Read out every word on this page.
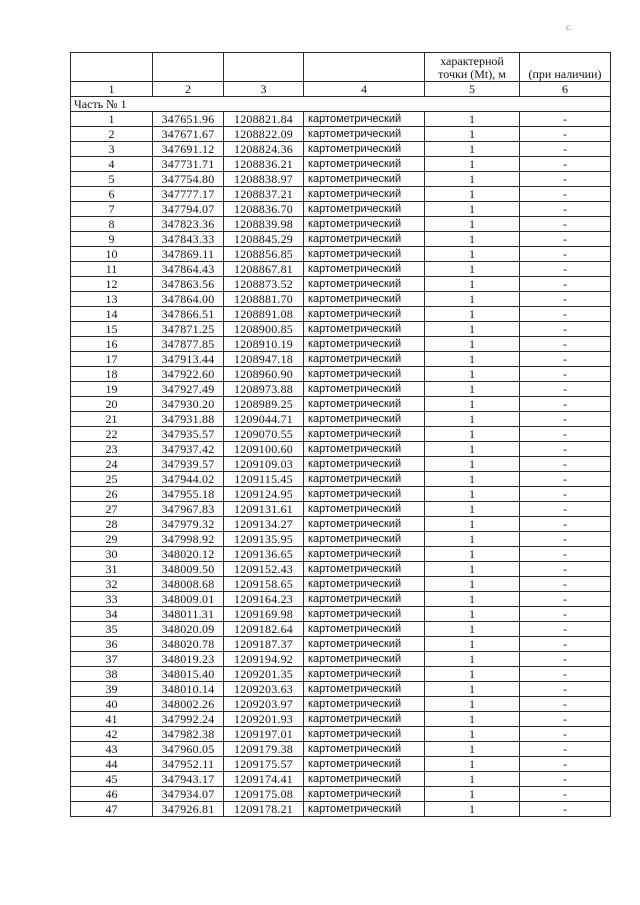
с.
				характерной точки (Mt), м	(при наличии)
1	2	3	4	5	6
Часть № 1					
1	347651.96	1208821.84	картометрический	1	-
2	347671.67	1208822.09	картометрический	1	-
3	347691.12	1208824.36	картометрический	1	-
4	347731.71	1208836.21	картометрический	1	-
5	347754.80	1208838.97	картометрический	1	-
6	347777.17	1208837.21	картометрический	1	-
7	347794.07	1208836.70	картометрический	1	-
8	347823.36	1208839.98	картометрический	1	-
9	347843.33	1208845.29	картометрический	1	-
10	347869.11	1208856.85	картометрический	1	-
11	347864.43	1208867.81	картометрический	1	-
12	347863.56	1208873.52	картометрический	1	-
13	347864.00	1208881.70	картометрический	1	-
14	347866.51	1208891.08	картометрический	1	-
15	347871.25	1208900.85	картометрический	1	-
16	347877.85	1208910.19	картометрический	1	-
17	347913.44	1208947.18	картометрический	1	-
18	347922.60	1208960.90	картометрический	1	-
19	347927.49	1208973.88	картометрический	1	-
20	347930.20	1208989.25	картометрический	1	-
21	347931.88	1209044.71	картометрический	1	-
22	347935.57	1209070.55	картометрический	1	-
23	347937.42	1209100.60	картометрический	1	-
24	347939.57	1209109.03	картометрический	1	-
25	347944.02	1209115.45	картометрический	1	-
26	347955.18	1209124.95	картометрический	1	-
27	347967.83	1209131.61	картометрический	1	-
28	347979.32	1209134.27	картометрический	1	-
29	347998.92	1209135.95	картометрический	1	-
30	348020.12	1209136.65	картометрический	1	-
31	348009.50	1209152.43	картометрический	1	-
32	348008.68	1209158.65	картометрический	1	-
33	348009.01	1209164.23	картометрический	1	-
34	348011.31	1209169.98	картометрический	1	-
35	348020.09	1209182.64	картометрический	1	-
36	348020.78	1209187.37	картометрический	1	-
37	348019.23	1209194.92	картометрический	1	-
38	348015.40	1209201.35	картометрический	1	-
39	348010.14	1209203.63	картометрический	1	-
40	348002.26	1209203.97	картометрический	1	-
41	347992.24	1209201.93	картометрический	1	-
42	347982.38	1209197.01	картометрический	1	-
43	347960.05	1209179.38	картометрический	1	-
44	347952.11	1209175.57	картометрический	1	-
45	347943.17	1209174.41	картометрический	1	-
46	347934.07	1209175.08	картометрический	1	-
47	347926.81	1209178.21	картометрический	1	-
